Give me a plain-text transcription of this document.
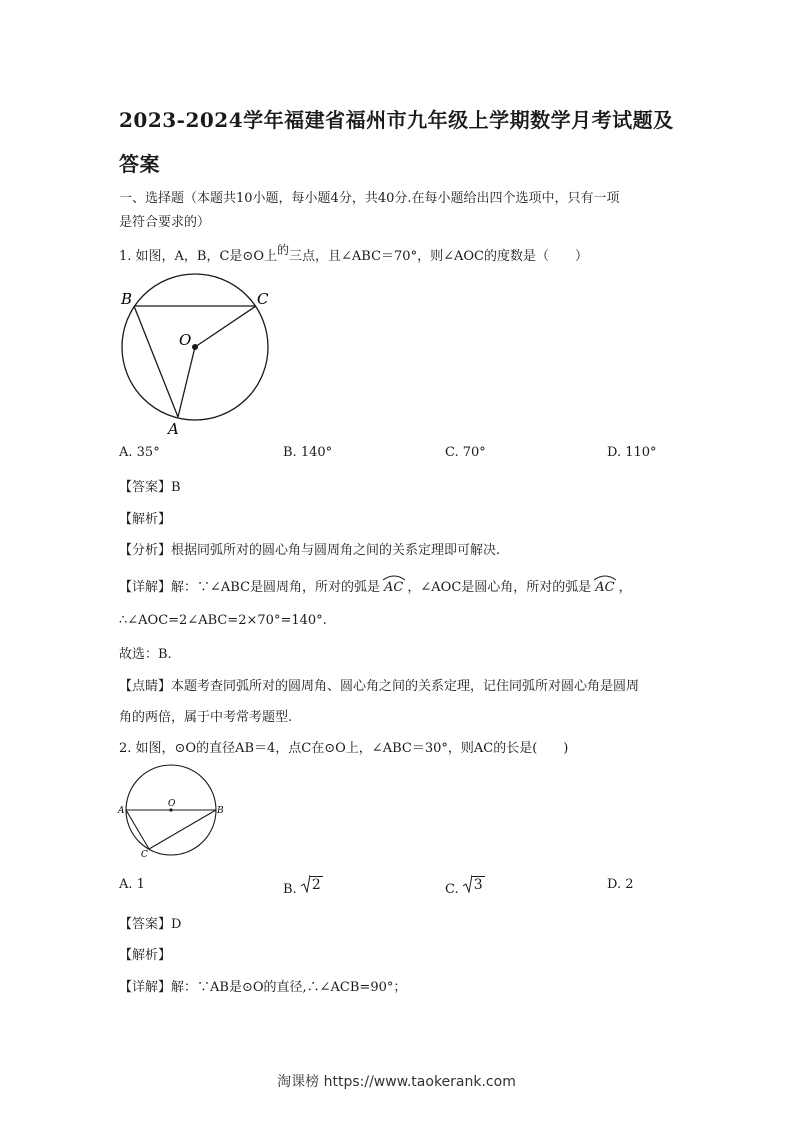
2023-2024学年福建省福州市九年级上学期数学月考试题及
答案
一、选择题（本题共10小题，每小题4分，共40分.在每小题给出四个选项中，只有一项
是符合要求的）
1. 如图，A，B，C是⊙O上的三点，且∠ABC＝70°，则∠AOC的度数是（　　）
B	C
O
A
A. 35°	B. 140°	C. 70°	D. 110°
【答案】B
【解析】
【分析】根据同弧所对的圆心角与圆周角之间的关系定理即可解决.
【详解】解：∵∠ABC是圆周角，所对的弧是 AC ，∠AOC是圆心角，所对的弧是 AC ，
∴∠AOC=2∠ABC=2×70°=140°.
故选：B.
【点睛】本题考查同弧所对的圆周角、圆心角之间的关系定理，记住同弧所对圆心角是圆周
角的两倍，属于中考常考题型.
2. 如图，⊙O的直径AB＝4，点C在⊙O上，∠ABC＝30°，则AC的长是(　　)
A
O
B
C
A. 1	B. 2	C. 3	D. 2
【答案】D
【解析】
【详解】解：∵AB是⊙O的直径,∴∠ACB=90°；
淘课榜 https://www.taokerank.com
